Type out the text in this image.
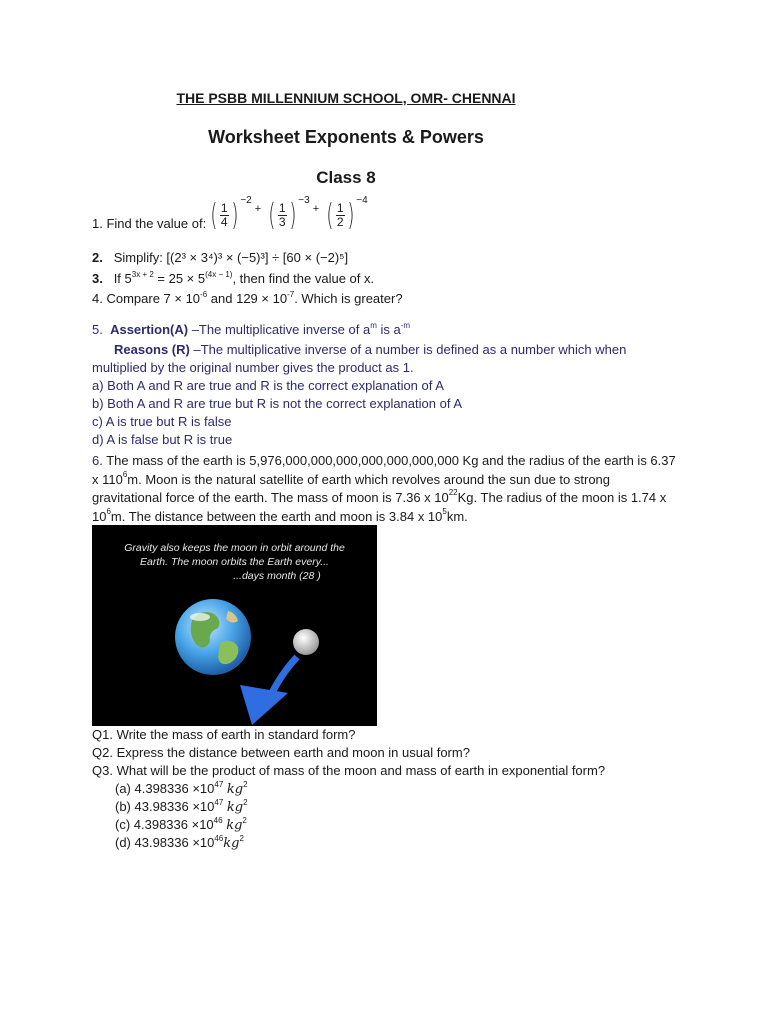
THE PSBB MILLENNIUM SCHOOL, OMR- CHENNAI
Worksheet Exponents & Powers
Class 8
1. Find the value of: ( 1
4 ) −2
+ ( 1
3 ) −3
+ ( 1
2 ) −4
2. Simplify: [(2³ × 3⁴)³ × (−5)³] ÷ [60 × (−2)⁵]
3. If $5^{3x + 2} = 25 \times 5^{(4x - 1)}$, then find the value of x.
4. Compare $7 \times 10^{-6}$ and $129 \times 10^{-7}$. Which is greater?
5. Assertion(A) –The multiplicative inverse of $a^m$ is $a^{-m}$
Reasons (R) –The multiplicative inverse of a number is defined as a number which when
multiplied by the original number gives the product as 1.
a) Both A and R are true and R is the correct explanation of A
b) Both A and R are true but R is not the correct explanation of A
c) A is true but R is false
d) A is false but R is true
6. The mass of the earth is 5,976,000,000,000,000,000,000,000 Kg and the radius of the earth is 6.37 x $110^6m$. Moon is the natural satellite of earth which revolves around the sun due to strong gravitational force of the earth. The mass of moon is 7.36 x $10^{22}Kg$. The radius of the moon is 1.74 x $10^6m$. The distance between the earth and moon is 3.84 x $10^5km$.
Gravity also keeps the moon in orbit around the
Earth. The moon orbits the Earth every...
...days month (28 )
Q1. Write the mass of earth in standard form?
Q2. Express the distance between earth and moon in usual form?
Q3. What will be the product of mass of the moon and mass of earth in exponential form?
(a) $4.398336 \times 10^{47}$ $kg^2$
(b) $43.98336 \times 10^{47}$ $kg^2$
(c) $4.398336 \times 10^{46}$ $kg^2$
(d) $43.98336 \times 10^{46}kg^2$
